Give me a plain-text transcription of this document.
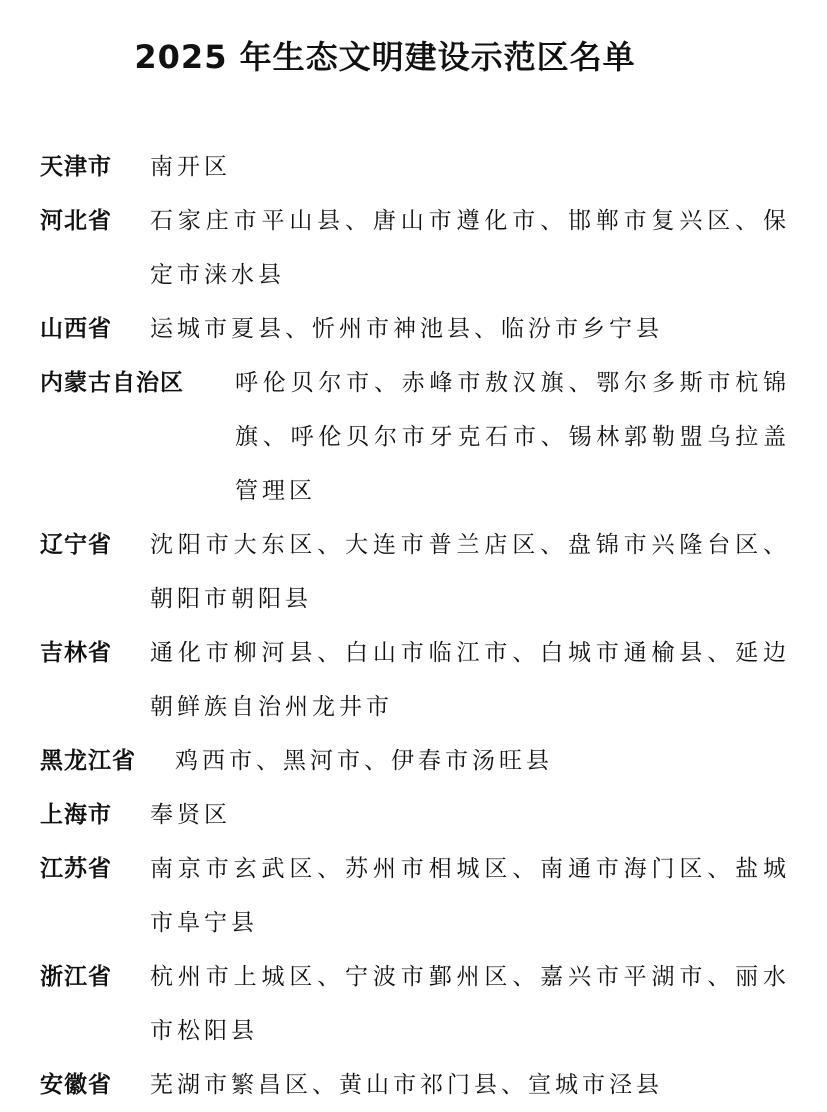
2025 年生态文明建设示范区名单
天津市	南开区
河北省	石家庄市平山县、唐山市遵化市、邯郸市复兴区、保定市涞水县
山西省	运城市夏县、忻州市神池县、临汾市乡宁县
内蒙古自治区	呼伦贝尔市、赤峰市敖汉旗、鄂尔多斯市杭锦旗、呼伦贝尔市牙克石市、锡林郭勒盟乌拉盖管理区
辽宁省	沈阳市大东区、大连市普兰店区、盘锦市兴隆台区、朝阳市朝阳县
吉林省	通化市柳河县、白山市临江市、白城市通榆县、延边朝鲜族自治州龙井市
黑龙江省	鸡西市、黑河市、伊春市汤旺县
上海市	奉贤区
江苏省	南京市玄武区、苏州市相城区、南通市海门区、盐城市阜宁县
浙江省	杭州市上城区、宁波市鄞州区、嘉兴市平湖市、丽水市松阳县
安徽省	芜湖市繁昌区、黄山市祁门县、宣城市泾县
